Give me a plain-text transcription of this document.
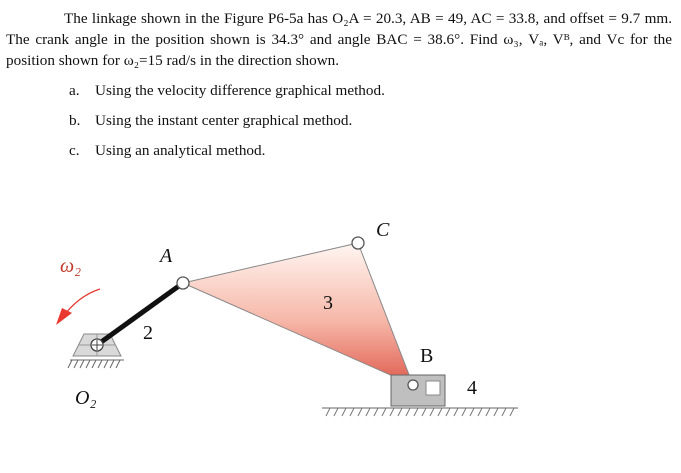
The linkage shown in the Figure P6-5a has O₂A = 20.3, AB = 49, AC = 33.8, and offset = 9.7 mm. The crank angle in the position shown is 34.3° and angle BAC = 38.6°. Find ω₃, Vₐ, Vᴮ, and Vc for the position shown for ω₂=15 rad/s in the direction shown.

a. Using the velocity difference graphical method.
b. Using the instant center graphical method.
c. Using an analytical method.
ω₂	A
C
B
2
3
4
O₂
